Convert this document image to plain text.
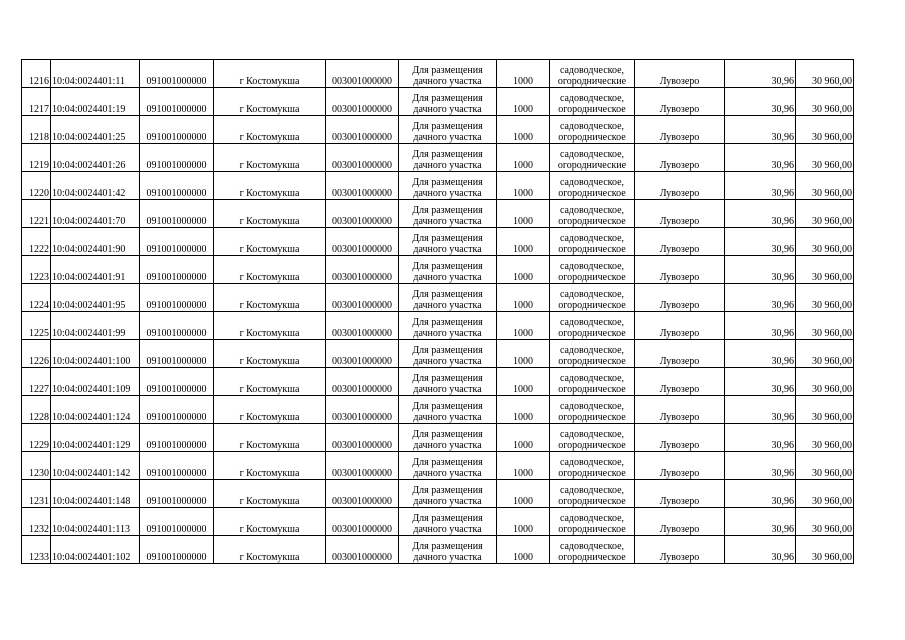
1216	10:04:0024401:11	091001000000	г Костомукша	003001000000	Для размещения
дачного участка	1000	садоводческое,
огороднические	Лувозеро	30,96	30 960,00
1217	10:04:0024401:19	091001000000	г Костомукша	003001000000	Для размещения
дачного участка	1000	садоводческое,
огородническое	Лувозеро	30,96	30 960,00
1218	10:04:0024401:25	091001000000	г Костомукша	003001000000	Для размещения
дачного участка	1000	садоводческое,
огородническое	Лувозеро	30,96	30 960,00
1219	10:04:0024401:26	091001000000	г Костомукша	003001000000	Для размещения
дачного участка	1000	садоводческое,
огороднические	Лувозеро	30,96	30 960,00
1220	10:04:0024401:42	091001000000	г Костомукша	003001000000	Для размещения
дачного участка	1000	садоводческое,
огородническое	Лувозеро	30,96	30 960,00
1221	10:04:0024401:70	091001000000	г Костомукша	003001000000	Для размещения
дачного участка	1000	садоводческое,
огородническое	Лувозеро	30,96	30 960,00
1222	10:04:0024401:90	091001000000	г Костомукша	003001000000	Для размещения
дачного участка	1000	садоводческое,
огородническое	Лувозеро	30,96	30 960,00
1223	10:04:0024401:91	091001000000	г Костомукша	003001000000	Для размещения
дачного участка	1000	садоводческое,
огородническое	Лувозеро	30,96	30 960,00
1224	10:04:0024401:95	091001000000	г Костомукша	003001000000	Для размещения
дачного участка	1000	садоводческое,
огородническое	Лувозеро	30,96	30 960,00
1225	10:04:0024401:99	091001000000	г Костомукша	003001000000	Для размещения
дачного участка	1000	садоводческое,
огородническое	Лувозеро	30,96	30 960,00
1226	10:04:0024401:100	091001000000	г Костомукша	003001000000	Для размещения
дачного участка	1000	садоводческое,
огородническое	Лувозеро	30,96	30 960,00
1227	10:04:0024401:109	091001000000	г Костомукша	003001000000	Для размещения
дачного участка	1000	садоводческое,
огородническое	Лувозеро	30,96	30 960,00
1228	10:04:0024401:124	091001000000	г Костомукша	003001000000	Для размещения
дачного участка	1000	садоводческое,
огородническое	Лувозеро	30,96	30 960,00
1229	10:04:0024401:129	091001000000	г Костомукша	003001000000	Для размещения
дачного участка	1000	садоводческое,
огородническое	Лувозеро	30,96	30 960,00
1230	10:04:0024401:142	091001000000	г Костомукша	003001000000	Для размещения
дачного участка	1000	садоводческое,
огородническое	Лувозеро	30,96	30 960,00
1231	10:04:0024401:148	091001000000	г Костомукша	003001000000	Для размещения
дачного участка	1000	садоводческое,
огородническое	Лувозеро	30,96	30 960,00
1232	10:04:0024401:113	091001000000	г Костомукша	003001000000	Для размещения
дачного участка	1000	садоводческое,
огородническое	Лувозеро	30,96	30 960,00
1233	10:04:0024401:102	091001000000	г Костомукша	003001000000	Для размещения
дачного участка	1000	садоводческое,
огородническое	Лувозеро	30,96	30 960,00
